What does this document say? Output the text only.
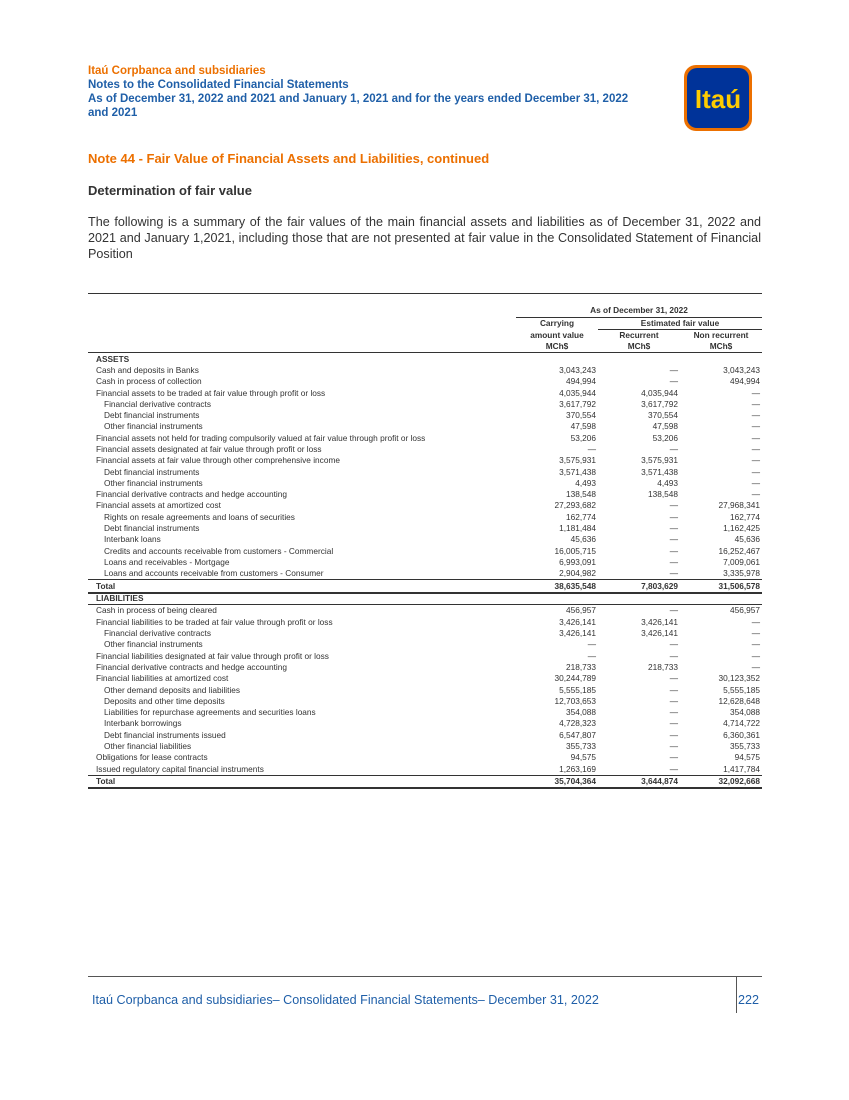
Itaú Corpbanca and subsidiaries
Notes to the Consolidated Financial Statements
As of December 31, 2022 and 2021 and January 1, 2021 and for the years ended December 31, 2022
and 2021	Itaú
Note 44 - Fair Value of Financial Assets and Liabilities, continued
Determination of fair value
The following is a summary of the fair values of the main financial assets and liabilities as of December 31, 2022 and 2021 and January 1,2021, including those that are not presented at fair value in the Consolidated Statement of Financial Position

	As of December 31, 2022		
	Carrying	Estimated fair value	
	amount value	Recurrent	Non recurrent
	MCh$	MCh$	MCh$
ASSETS			
Cash and deposits in Banks	3,043,243	—	3,043,243
Cash in process of collection	494,994	—	494,994
Financial assets to be traded at fair value through profit or loss	4,035,944	4,035,944	—
Financial derivative contracts	3,617,792	3,617,792	—
Debt financial instruments	370,554	370,554	—
Other financial instruments	47,598	47,598	—
Financial assets not held for trading compulsorily valued at fair value through profit or loss	53,206	53,206	—
Financial assets designated at fair value through profit or loss	—	—	—
Financial assets at fair value through other comprehensive income	3,575,931	3,575,931	—
Debt financial instruments	3,571,438	3,571,438	—
Other financial instruments	4,493	4,493	—
Financial derivative contracts and hedge accounting	138,548	138,548	—
Financial assets at amortized cost	27,293,682	—	27,968,341
Rights on resale agreements and loans of securities	162,774	—	162,774
Debt financial instruments	1,181,484	—	1,162,425
Interbank loans	45,636	—	45,636
Credits and accounts receivable from customers - Commercial	16,005,715	—	16,252,467
Loans and receivables - Mortgage	6,993,091	—	7,009,061
Loans and accounts receivable from customers - Consumer	2,904,982	—	3,335,978
Total	38,635,548	7,803,629	31,506,578
LIABILITIES			
Cash in process of being cleared	456,957	—	456,957
Financial liabilities to be traded at fair value through profit or loss	3,426,141	3,426,141	—
Financial derivative contracts	3,426,141	3,426,141	—
Other financial instruments	—	—	—
Financial liabilities designated at fair value through profit or loss	—	—	—
Financial derivative contracts and hedge accounting	218,733	218,733	—
Financial liabilities at amortized cost	30,244,789	—	30,123,352
Other demand deposits and liabilities	5,555,185	—	5,555,185
Deposits and other time deposits	12,703,653	—	12,628,648
Liabilities for repurchase agreements and securities loans	354,088	—	354,088
Interbank borrowings	4,728,323	—	4,714,722
Debt financial instruments issued	6,547,807	—	6,360,361
Other financial liabilities	355,733	—	355,733
Obligations for lease contracts	94,575	—	94,575
Issued regulatory capital financial instruments	1,263,169	—	1,417,784
Total	35,704,364	3,644,874	32,092,668
Itaú Corpbanca and subsidiaries– Consolidated Financial Statements– December 31, 2022	222
